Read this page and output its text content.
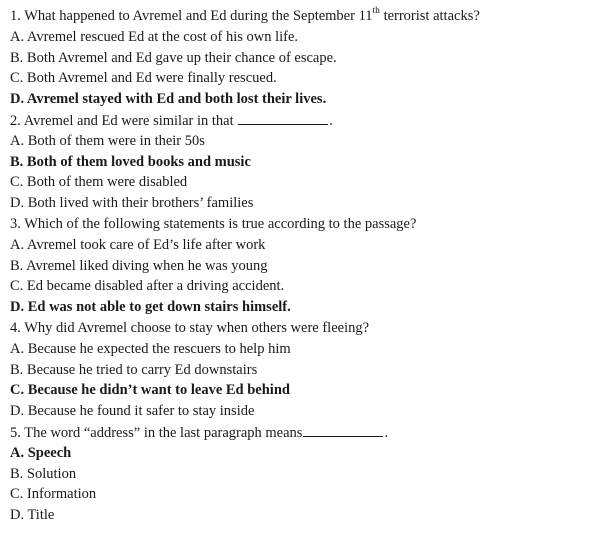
1. What happened to Avremel and Ed during the September 11th terrorist attacks?
A. Avremel rescued Ed at the cost of his own life.
B. Both Avremel and Ed gave up their chance of escape.
C. Both Avremel and Ed were finally rescued.
D. Avremel stayed with Ed and both lost their lives.
2. Avremel and Ed were similar in that	.
A. Both of them were in their 50s
B. Both of them loved books and music
C. Both of them were disabled
D. Both lived with their brothers’ families
3. Which of the following statements is true according to the passage?
A. Avremel took care of Ed’s life after work
B. Avremel liked diving when he was young
C. Ed became disabled after a driving accident.
D. Ed was not able to get down stairs himself.
4. Why did Avremel choose to stay when others were fleeing?
A. Because he expected the rescuers to help him
B. Because he tried to carry Ed downstairs
C. Because he didn’t want to leave Ed behind
D. Because he found it safer to stay inside
5. The word “address” in the last paragraph means	.
A. Speech
B. Solution
C. Information
D. Title
